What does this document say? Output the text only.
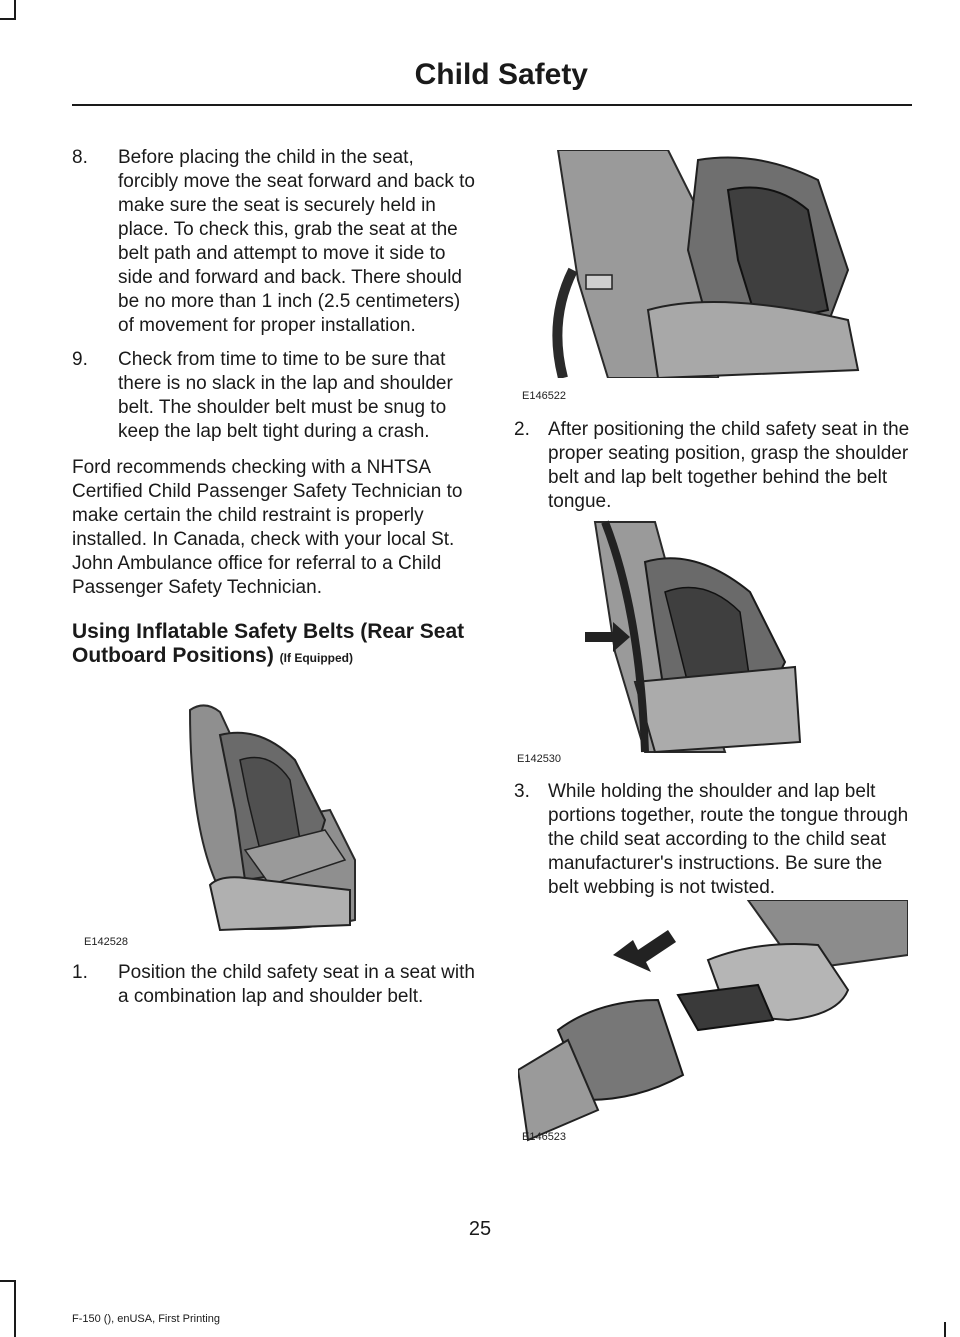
Child Safety

8. Before placing the child in the seat, forcibly move the seat forward and back to make sure the seat is securely held in place. To check this, grab the seat at the belt path and attempt to move it side to side and forward and back. There should be no more than 1 inch (2.5 centimeters) of movement for proper installation.

9. Check from time to time to be sure that there is no slack in the lap and shoulder belt. The shoulder belt must be snug to keep the lap belt tight during a crash.

Ford recommends checking with a NHTSA Certified Child Passenger Safety Technician to make certain the child restraint is properly installed. In Canada, check with your local St. John Ambulance office for referral to a Child Passenger Safety Technician.

Using Inflatable Safety Belts (Rear Seat Outboard Positions) (If Equipped)
E142528

1. Position the child safety seat in a seat with a combination lap and shoulder belt.

E146522

2. After positioning the child safety seat in the proper seating position, grasp the shoulder belt and lap belt together behind the belt tongue.

E142530

3. While holding the shoulder and lap belt portions together, route the tongue through the child seat according to the child seat manufacturer's instructions. Be sure the belt webbing is not twisted.

E146523
25
F-150 (), enUSA, First Printing
